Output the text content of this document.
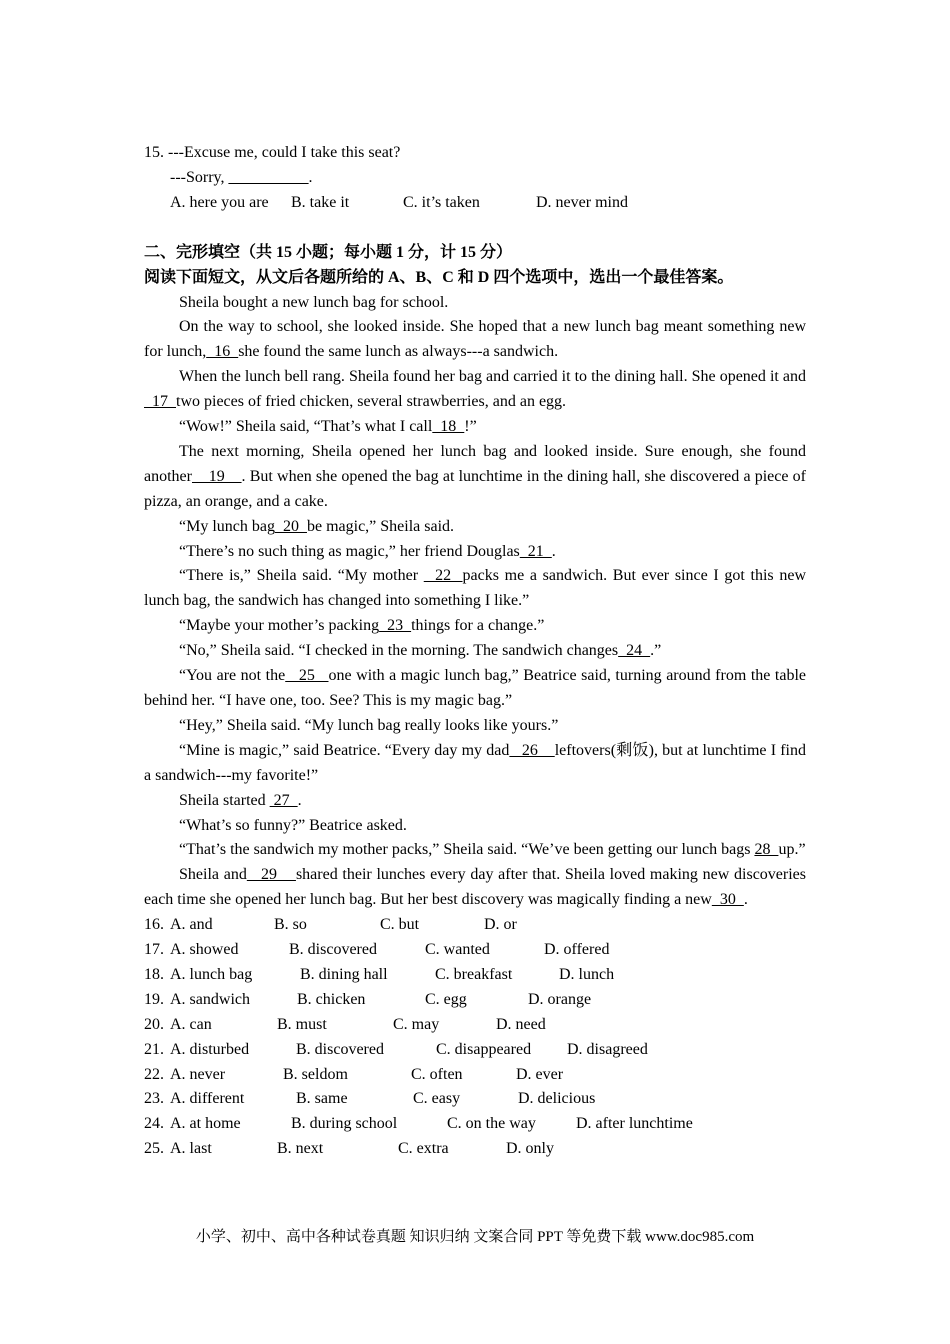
15. ---Excuse me, could I take this seat?
---Sorry, __________.
A. here you are B. take it	C. it’s taken	D. never mind
二、完形填空（共 15 小题；每小题 1 分，计 15 分）
阅读下面短文，从文后各题所给的 A、B、C 和 D 四个选项中，选出一个最佳答案。

Sheila bought a new lunch bag for school.

On the way to school, she looked inside. She hoped that a new lunch bag meant something new for lunch,  16  she found the same lunch as always---a sandwich.

When the lunch bell rang. Sheila found her bag and carried it to the dining hall. She opened it and  17  two pieces of fried chicken, several strawberries, and an egg.

“Wow!” Sheila said, “That’s what I call  18  !”

The next morning, Sheila opened her lunch bag and looked inside. Sure enough, she found another    19    . But when she opened the bag at lunchtime in the dining hall, she discovered a piece of pizza, an orange, and a cake.

“My lunch bag  20  be magic,” Sheila said.

“There’s no such thing as magic,” her friend Douglas  21  .

“There is,” Sheila said. “My mother   22  packs me a sandwich. But ever since I got this new lunch bag, the sandwich has changed into something I like.”

“Maybe your mother’s packing  23  things for a change.”

“No,” Sheila said. “I checked in the morning. The sandwich changes  24  .”

“You are not the   25   one with a magic lunch bag,” Beatrice said, turning around from the table behind her. “I have one, too. See? This is my magic bag.”

“Hey,” Sheila said. “My lunch bag really looks like yours.”

“Mine is magic,” said Beatrice. “Every day my dad   26    leftovers(剩饭), but at lunchtime I find a sandwich---my favorite!”

Sheila started  27  .

“What’s so funny?” Beatrice asked.

“That’s the sandwich my mother packs,” Sheila said. “We’ve been getting our lunch bags 28  up.”

Sheila and   29    shared their lunches every day after that. Sheila loved making new discoveries each time she opened her lunch bag. But her best discovery was magically finding a new  30  .

16. A. and	B. so	C. but	D. or
17. A. showed	B. discovered	C. wanted	D. offered
18. A. lunch bag	B. dining hall	C. breakfast	D. lunch
19. A. sandwich	B. chicken	C. egg	D. orange
20. A. can	B. must	C. may	D. need
21. A. disturbed	B. discovered	C. disappeared D. disagreed
22. A. never	B. seldom	C. often	D. ever
23. A. different	B. same	C. easy	D. delicious
24. A. at home	B. during school	C. on the way	D. after lunchtime
25. A. last	B. next	C. extra	D. only
小学、初中、高中各种试卷真题 知识归纳 文案合同 PPT 等免费下载 www.doc985.com
